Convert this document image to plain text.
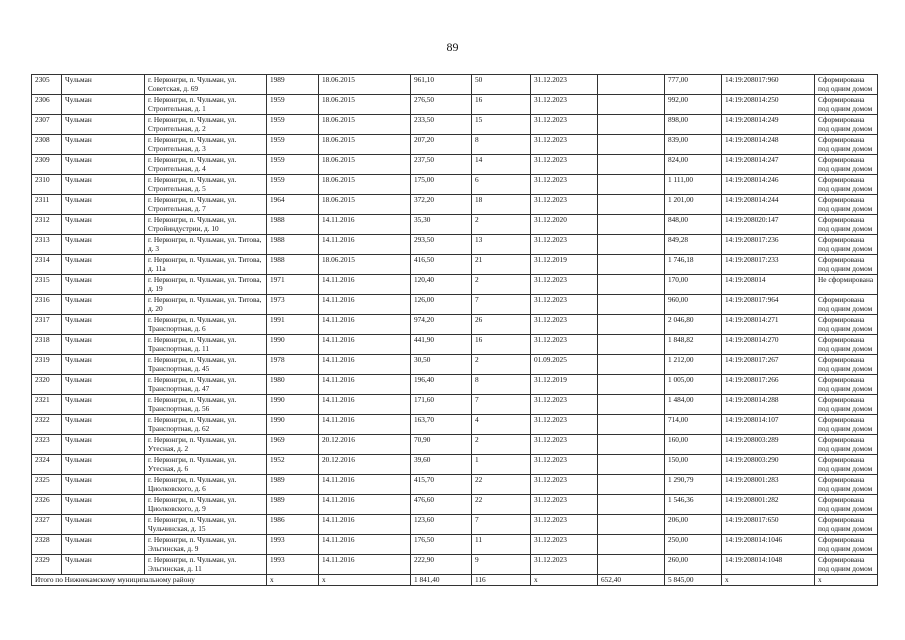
89
2305	Чульман	г. Нерюнгри, п. Чульман, ул. Советская, д. 69	1989	18.06.2015	961,10	50	31.12.2023		777,00	14:19:208017:960	Сформирована под одним домом
2306	Чульман	г. Нерюнгри, п. Чульман, ул. Строительная, д. 1	1959	18.06.2015	276,50	16	31.12.2023		992,00	14:19:208014:250	Сформирована под одним домом
2307	Чульман	г. Нерюнгри, п. Чульман, ул. Строительная, д. 2	1959	18.06.2015	233,50	15	31.12.2023		898,00	14:19:208014:249	Сформирована под одним домом
2308	Чульман	г. Нерюнгри, п. Чульман, ул. Строительная, д. 3	1959	18.06.2015	207,20	8	31.12.2023		839,00	14:19:208014:248	Сформирована под одним домом
2309	Чульман	г. Нерюнгри, п. Чульман, ул. Строительная, д. 4	1959	18.06.2015	237,50	14	31.12.2023		824,00	14:19:208014:247	Сформирована под одним домом
2310	Чульман	г. Нерюнгри, п. Чульман, ул. Строительная, д. 5	1959	18.06.2015	175,00	6	31.12.2023		1 111,00	14:19:208014:246	Сформирована под одним домом
2311	Чульман	г. Нерюнгри, п. Чульман, ул. Строительная, д. 7	1964	18.06.2015	372,20	18	31.12.2023		1 201,00	14:19:208014:244	Сформирована под одним домом
2312	Чульман	г. Нерюнгри, п. Чульман, ул. Стройиндустрии, д. 10	1988	14.11.2016	35,30	2	31.12.2020		848,00	14:19:208020:147	Сформирована под одним домом
2313	Чульман	г. Нерюнгри, п. Чульман, ул. Титова, д. 3	1988	14.11.2016	293,50	13	31.12.2023		849,28	14:19:208017:236	Сформирована под одним домом
2314	Чульман	г. Нерюнгри, п. Чульман, ул. Титова, д. 11а	1988	18.06.2015	416,50	21	31.12.2019		1 746,18	14:19:208017:233	Сформирована под одним домом
2315	Чульман	г. Нерюнгри, п. Чульман, ул. Титова, д. 19	1971	14.11.2016	120,40	2	31.12.2023		170,00	14:19:208014	Не сформирована
2316	Чульман	г. Нерюнгри, п. Чульман, ул. Титова, д. 20	1973	14.11.2016	126,00	7	31.12.2023		960,00	14:19:208017:964	Сформирована под одним домом
2317	Чульман	г. Нерюнгри, п. Чульман, ул. Транспортная, д. 6	1991	14.11.2016	974,20	26	31.12.2023		2 046,80	14:19:208014:271	Сформирована под одним домом
2318	Чульман	г. Нерюнгри, п. Чульман, ул. Транспортная, д. 11	1990	14.11.2016	441,90	16	31.12.2023		1 848,82	14:19:208014:270	Сформирована под одним домом
2319	Чульман	г. Нерюнгри, п. Чульман, ул. Транспортная, д. 45	1978	14.11.2016	30,50	2	01.09.2025		1 212,00	14:19:208017:267	Сформирована под одним домом
2320	Чульман	г. Нерюнгри, п. Чульман, ул. Транспортная, д. 47	1980	14.11.2016	196,40	8	31.12.2019		1 005,00	14:19:208017:266	Сформирована под одним домом
2321	Чульман	г. Нерюнгри, п. Чульман, ул. Транспортная, д. 56	1990	14.11.2016	171,60	7	31.12.2023		1 484,00	14:19:208014:288	Сформирована под одним домом
2322	Чульман	г. Нерюнгри, п. Чульман, ул. Транспортная, д. 62	1990	14.11.2016	163,70	4	31.12.2023		714,00	14:19:208014:107	Сформирована под одним домом
2323	Чульман	г. Нерюнгри, п. Чульман, ул. Утесная, д. 2	1969	20.12.2016	70,90	2	31.12.2023		160,00	14:19:208003:289	Сформирована под одним домом
2324	Чульман	г. Нерюнгри, п. Чульман, ул. Утесная, д. 6	1952	20.12.2016	39,60	1	31.12.2023		150,00	14:19:208003:290	Сформирована под одним домом
2325	Чульман	г. Нерюнгри, п. Чульман, ул. Циолковского, д. 6	1989	14.11.2016	415,70	22	31.12.2023		1 290,79	14:19:208001:283	Сформирована под одним домом
2326	Чульман	г. Нерюнгри, п. Чульман, ул. Циолковского, д. 9	1989	14.11.2016	476,60	22	31.12.2023		1 546,36	14:19:208001:282	Сформирована под одним домом
2327	Чульман	г. Нерюнгри, п. Чульман, ул. Чульчинская, д. 15	1986	14.11.2016	123,60	7	31.12.2023		206,00	14:19:208017:650	Сформирована под одним домом
2328	Чульман	г. Нерюнгри, п. Чульман, ул. Эльгинская, д. 9	1993	14.11.2016	176,50	11	31.12.2023		250,00	14:19:208014:1046	Сформирована под одним домом
2329	Чульман	г. Нерюнгри, п. Чульман, ул. Эльгинская, д. 11	1993	14.11.2016	222,90	9	31.12.2023		260,00	14:19:208014:1048	Сформирована под одним домом
Итого по Нижнекамскому муниципальному району			x	x	1 841,40	116	x	652,40	5 845,00	x	x
